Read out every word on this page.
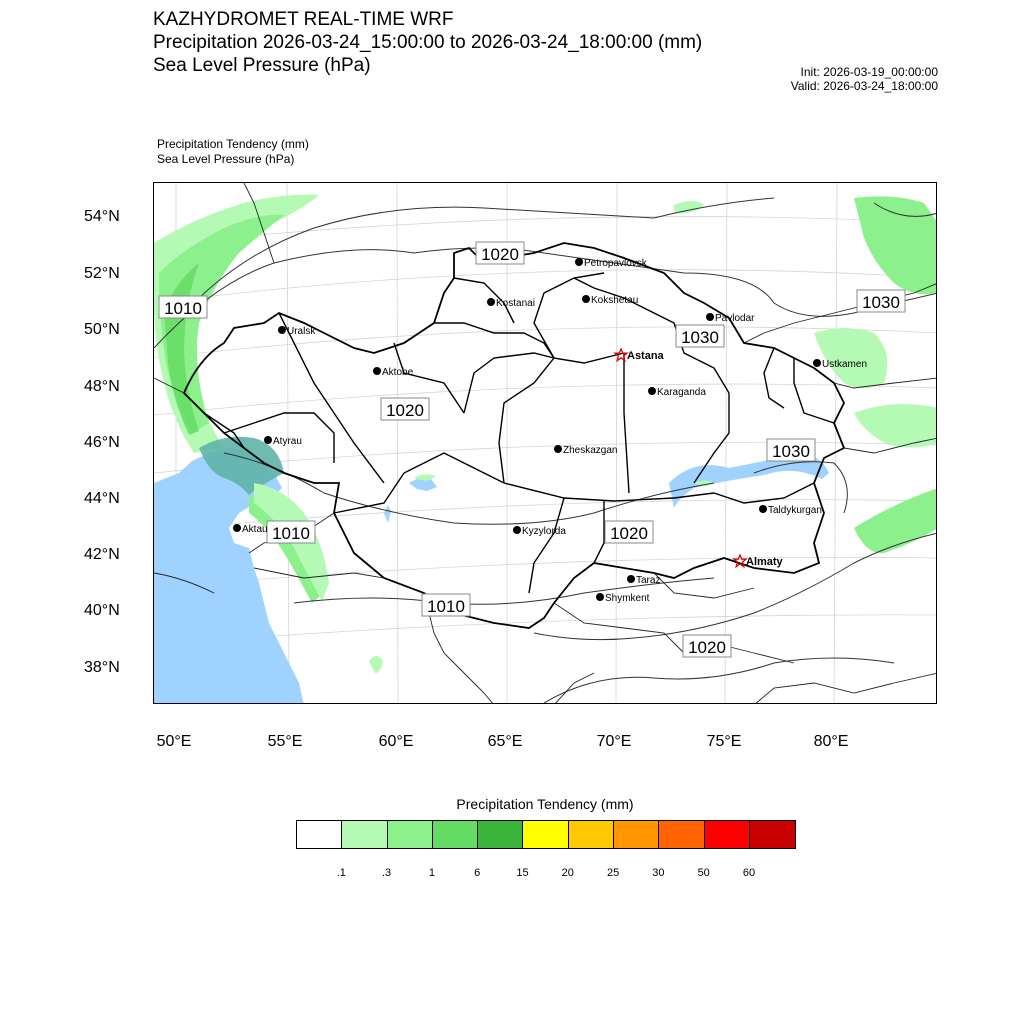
KAZHYDROMET REAL-TIME WRF
Precipitation 2026-03-24_15:00:00 to 2026-03-24_18:00:00 (mm)
Sea Level Pressure (hPa)	Init: 2026-03-19_00:00:00
Valid: 2026-03-24_18:00:00
Precipitation Tendency (mm)
Sea Level Pressure (hPa)
1020
1010	1030
1030
1020
1030
1010	1020
1010
1020
Petropavlovsk
Kostanai	Kokshetau
Uralsk
Pavlodar
Astana
Aktobe
Ustkamen
Karaganda
Atyrau
Zheskazgan
Aktau	Kyzylorda
Taldykurgan
Almaty
Taraz
Shymkent
54°N
52°N
50°N
48°N
46°N
44°N
42°N
40°N
38°N
50°E	55°E	60°E	65°E	70°E	75°E	80°E
Precipitation Tendency (mm)
.1	.3	1	6	15	20	25	30	50	60
